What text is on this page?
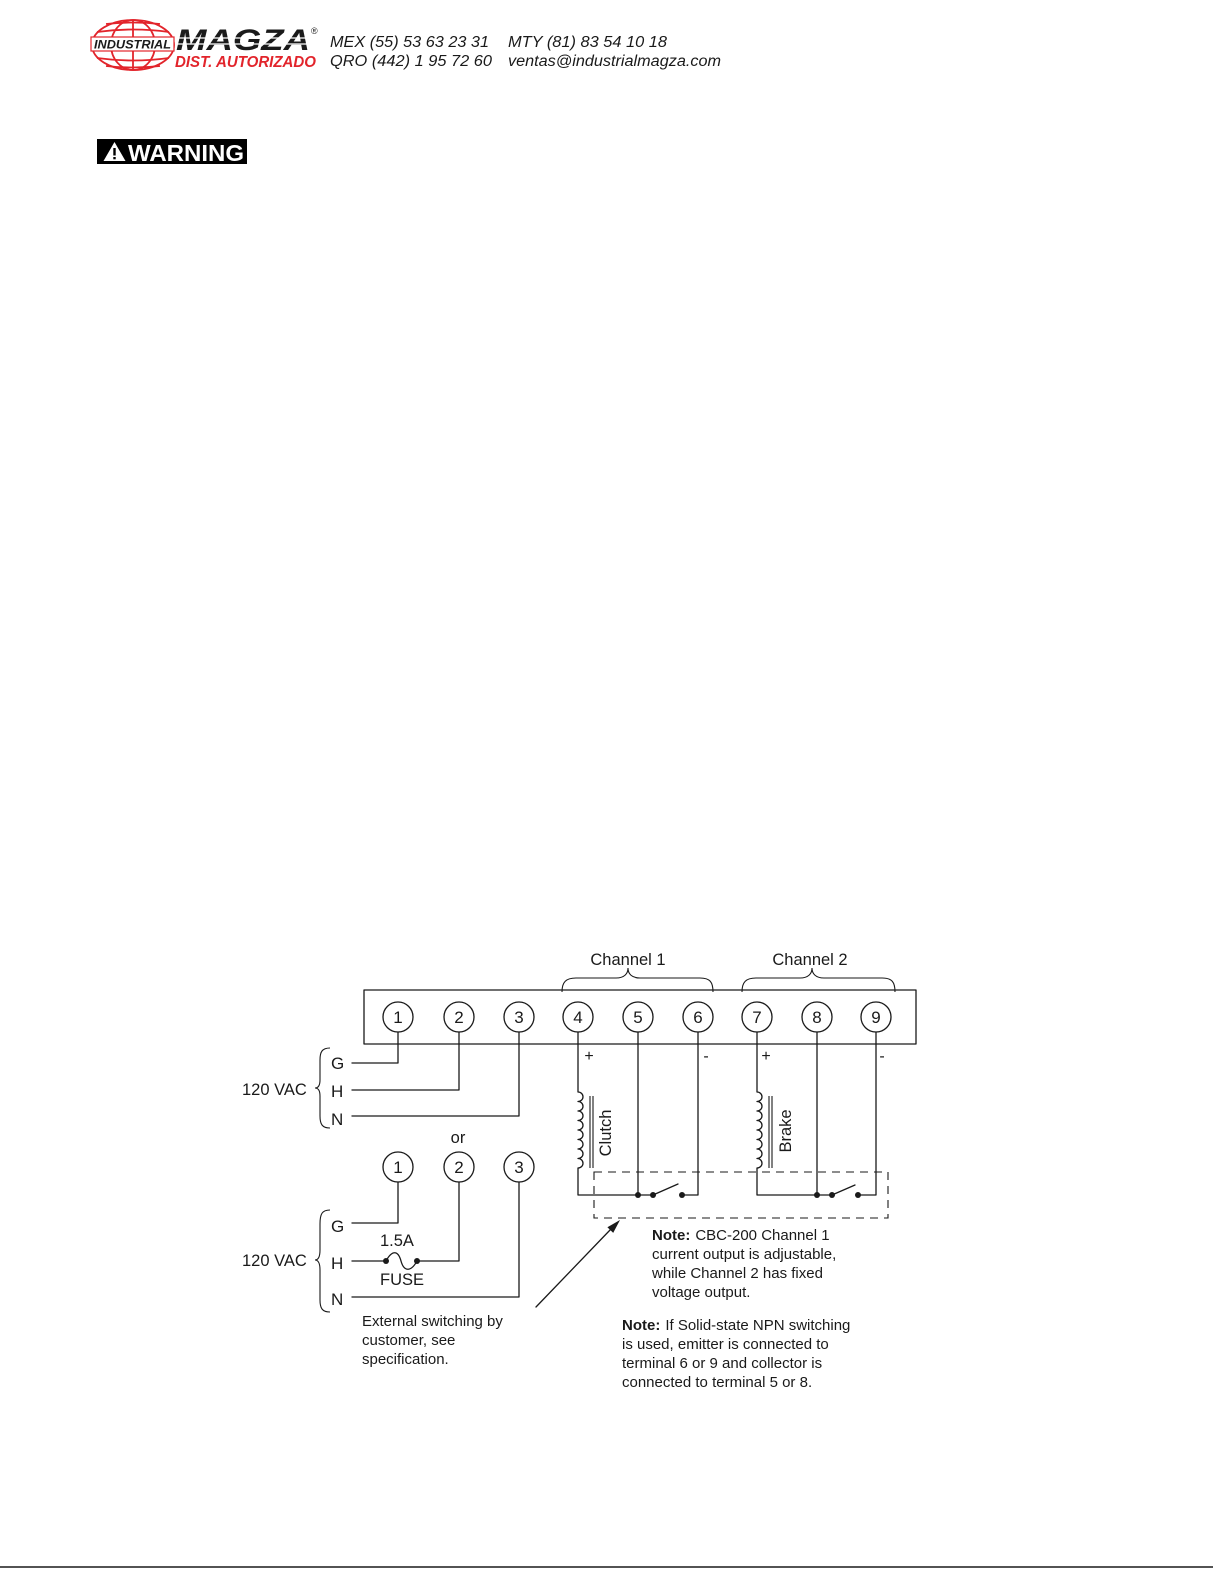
INDUSTRIAL MAGZA ®
DIST. AUTORIZADO
MEX (55) 53 63 23 31 MTY (81) 83 54 10 18
QRO (442) 1 95 72 60 ventas@industrialmagza.com
WARNING
Channel 1	Channel 2
+	-
Clutch
+	-
Brake
1	2	3	4	5	6	7	8	9
120 VAC
G
H
N
or
1.5A
FUSE
1	2	3
120 VAC
G
H
N
External switching by
customer, see
specification.
Note: CBC-200 Channel 1
current output is adjustable,
while Channel 2 has fixed
voltage output.
Note: If Solid-state NPN switching
is used, emitter is connected to
terminal 6 or 9 and collector is
connected to terminal 5 or 8.
